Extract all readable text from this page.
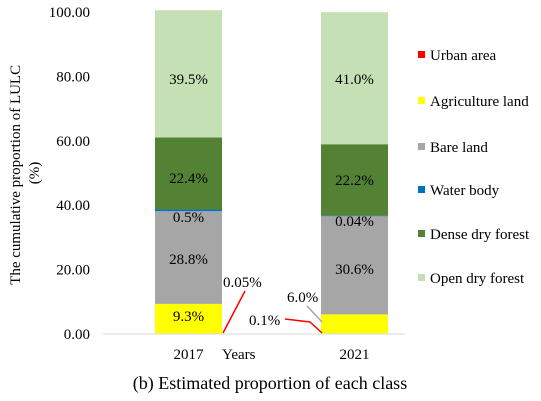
9.3%
28.8%
0.5%
22.4%
39.5%
30.6%
0.04%
22.2%
41.0%
0.00
20.00
40.00
60.00
80.00
100.00
Years
2017	2021
The cumulative proportion of LULC (%)
0.05%
0.1%
6.0%
Urban area
Agriculture land
Bare land
Water body
Dense dry forest
Open dry forest
(b) Estimated proportion of each class
